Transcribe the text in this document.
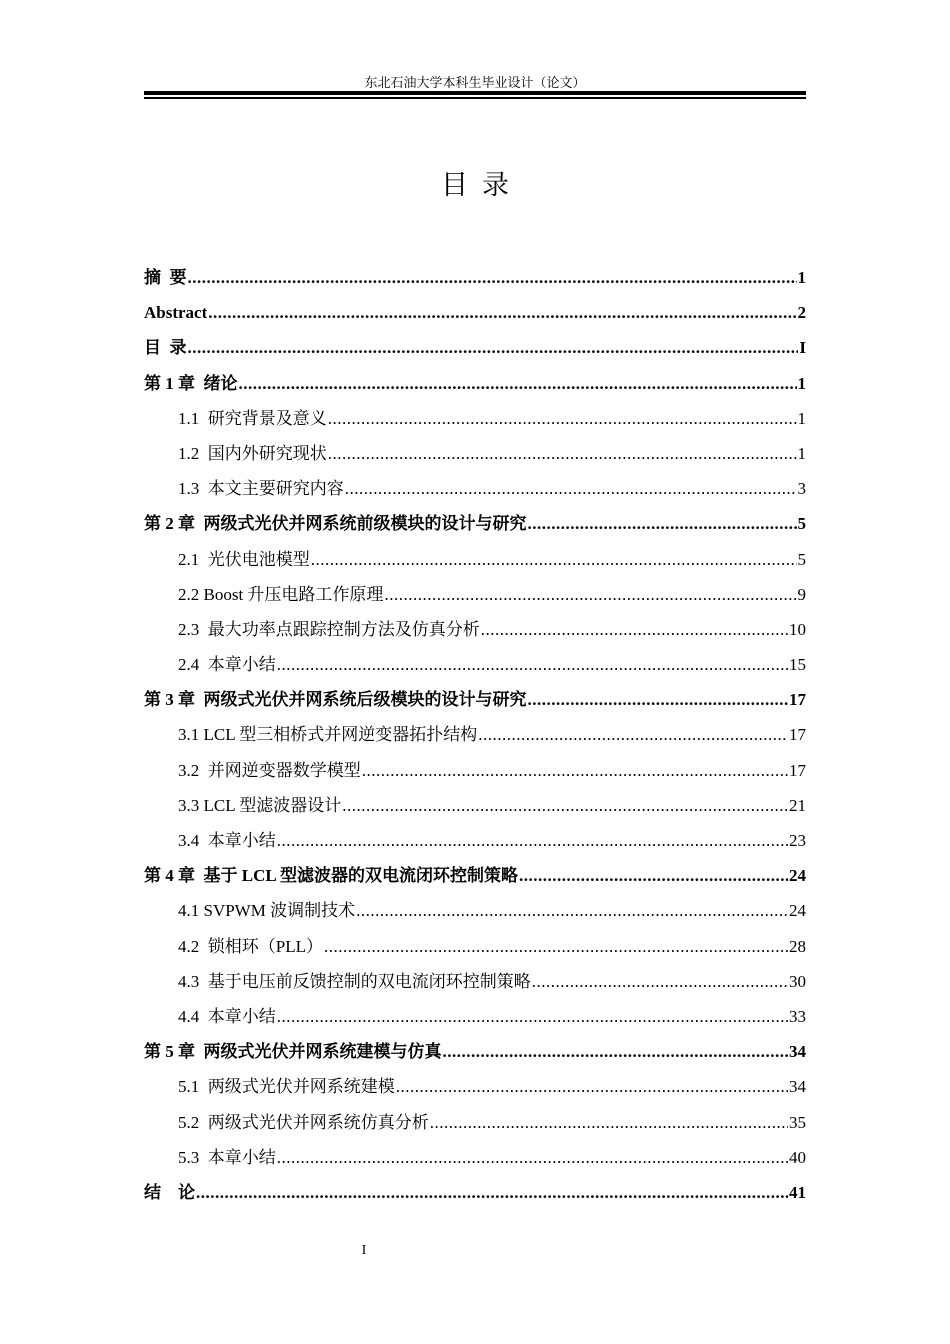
东北石油大学本科生毕业设计（论文）
目录
摘  要 .....	1
Abstract .....	2
目  录 .....	I
第 1 章  绪论 .....	1
1.1  研究背景及意义 .....	1
1.2  国内外研究现状 .....	1
1.3  本文主要研究内容 .....	3
第 2 章  两级式光伏并网系统前级模块的设计与研究 .....	5
2.1  光伏电池模型 .....	5
2.2 Boost 升压电路工作原理 .....	9
2.3  最大功率点跟踪控制方法及仿真分析 .....	10
2.4  本章小结 .....	15
第 3 章  两级式光伏并网系统后级模块的设计与研究 .....	17
3.1 LCL 型三相桥式并网逆变器拓扑结构 .....	17
3.2  并网逆变器数学模型 .....	17
3.3 LCL 型滤波器设计 .....	21
3.4  本章小结 .....	23
第 4 章  基于 LCL 型滤波器的双电流闭环控制策略 .....	24
4.1 SVPWM 波调制技术 .....	24
4.2  锁相环（PLL） .....	28
4.3  基于电压前反馈控制的双电流闭环控制策略 .....	30
4.4  本章小结 .....	33
第 5 章  两级式光伏并网系统建模与仿真 .....	34
5.1  两级式光伏并网系统建模 .....	34
5.2  两级式光伏并网系统仿真分析 .....	35
5.3  本章小结 .....	40
结    论 .....	41
I
